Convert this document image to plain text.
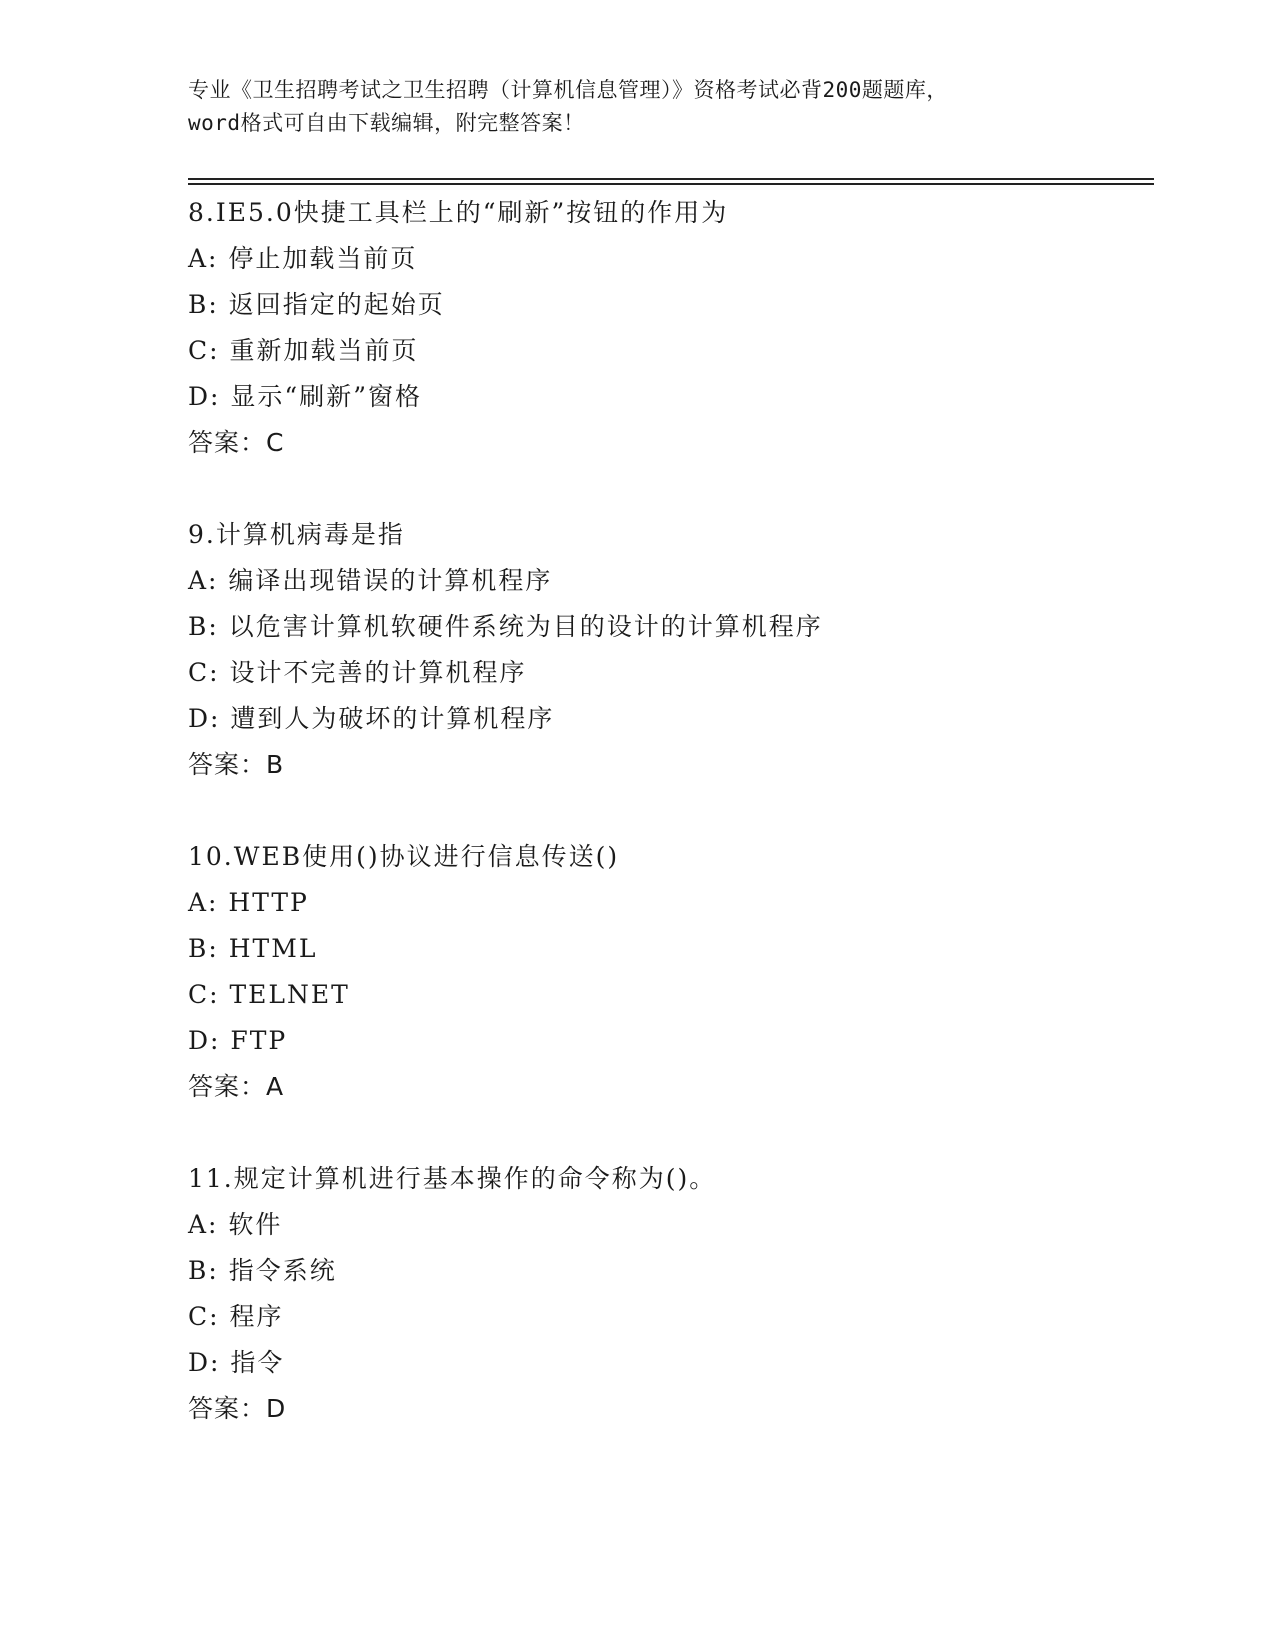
专业《卫生招聘考试之卫生招聘（计算机信息管理）》资格考试必背200题题库，

word格式可自由下载编辑，附完整答案！

8.IE5.0快捷工具栏上的“刷新”按钮的作用为
A: 停止加载当前页
B: 返回指定的起始页
C: 重新加载当前页
D: 显示“刷新”窗格
答案：C
9.计算机病毒是指
A: 编译出现错误的计算机程序
B: 以危害计算机软硬件系统为目的设计的计算机程序
C: 设计不完善的计算机程序
D: 遭到人为破坏的计算机程序
答案：B
10.WEB使用()协议进行信息传送()
A: HTTP
B: HTML
C: TELNET
D: FTP
答案：A
11.规定计算机进行基本操作的命令称为()。
A: 软件
B: 指令系统
C: 程序
D: 指令
答案：D
